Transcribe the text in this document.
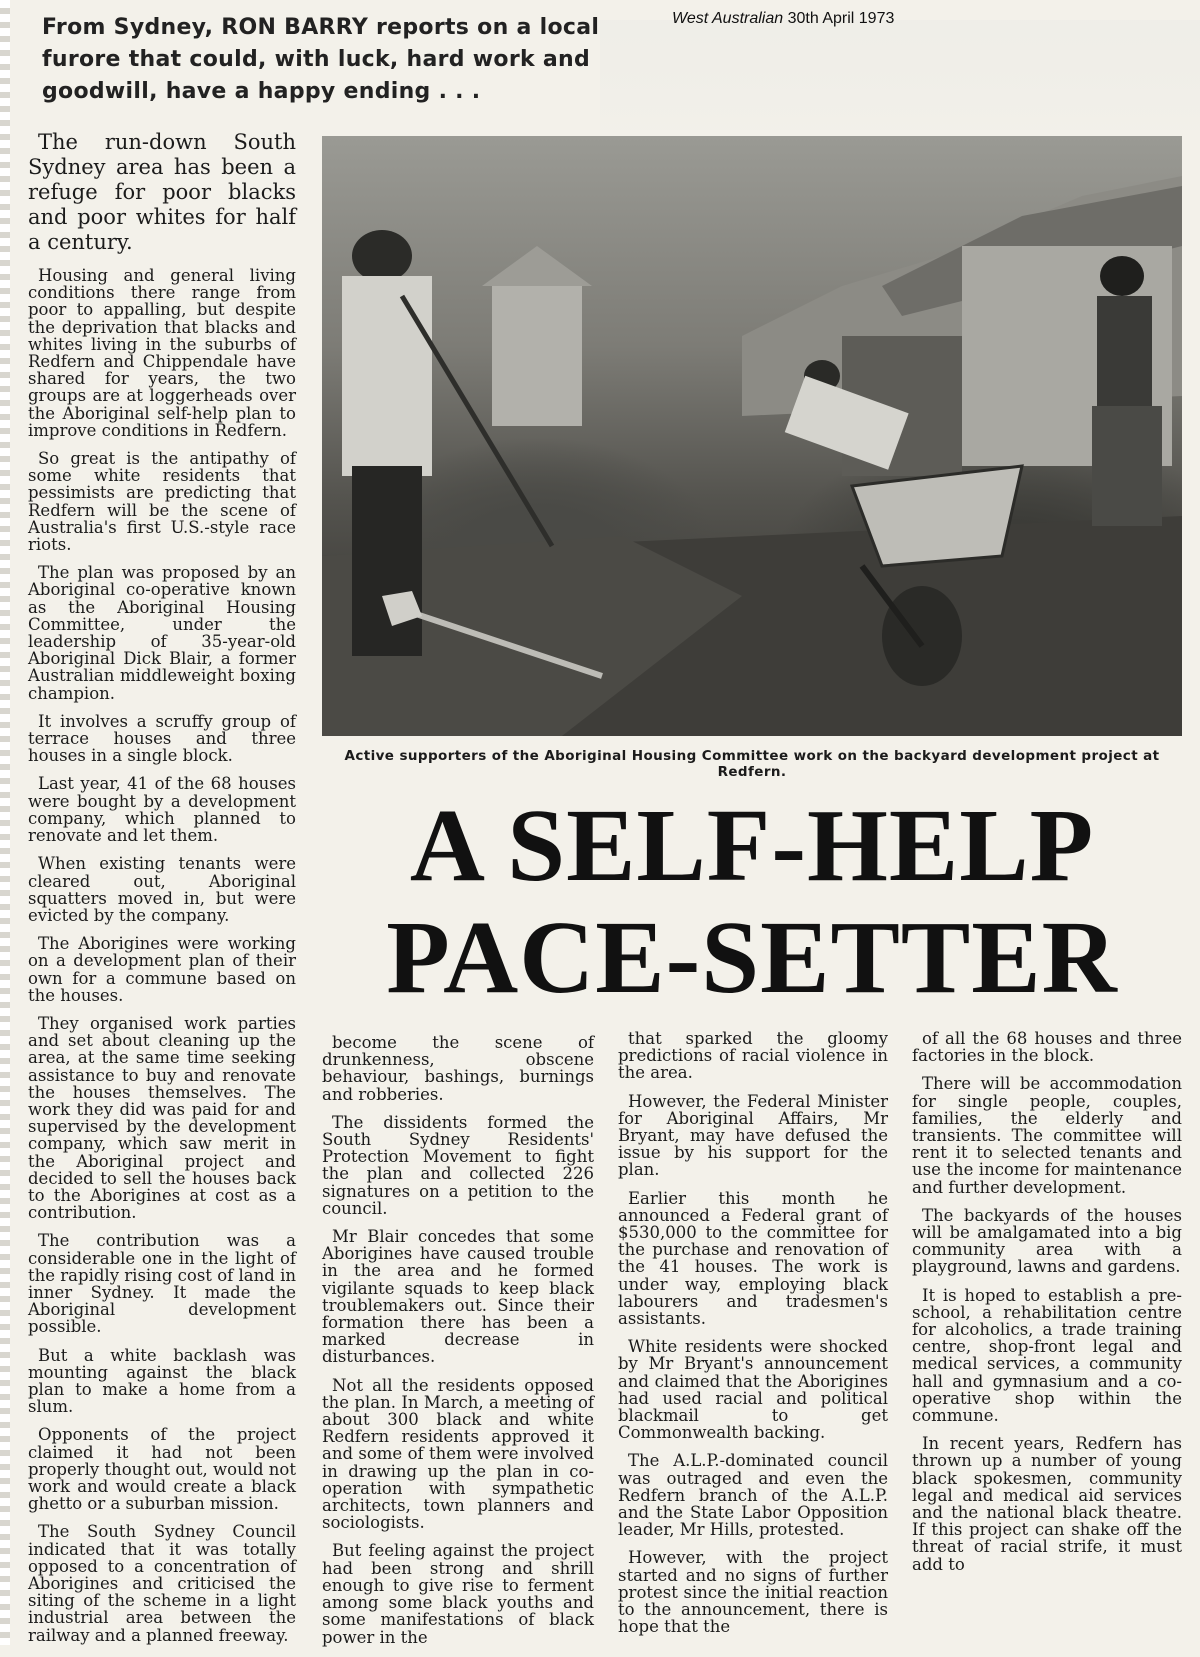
From Sydney, RON BARRY reports on a local furore that could, with luck, hard work and goodwill, have a happy ending . . .
West Australian 30th April 1973

The run-down South Sydney area has been a refuge for poor blacks and poor whites for half a century.

Housing and general living conditions there range from poor to appalling, but despite the deprivation that blacks and whites living in the suburbs of Redfern and Chippendale have shared for years, the two groups are at loggerheads over the Aboriginal self-help plan to improve conditions in Redfern.

So great is the antipathy of some white residents that pessimists are predicting that Redfern will be the scene of Australia's first U.S.-style race riots.

The plan was proposed by an Aboriginal co-operative known as the Aboriginal Housing Committee, under the leadership of 35-year-old Aboriginal Dick Blair, a former Australian middleweight boxing champion.

It involves a scruffy group of terrace houses and three houses in a single block.

Last year, 41 of the 68 houses were bought by a development company, which planned to renovate and let them.

When existing tenants were cleared out, Aboriginal squatters moved in, but were evicted by the company.

The Aborigines were working on a development plan of their own for a commune based on the houses.

They organised work parties and set about cleaning up the area, at the same time seeking assistance to buy and renovate the houses themselves. The work they did was paid for and supervised by the development company, which saw merit in the Aboriginal project and decided to sell the houses back to the Aborigines at cost as a contribution.

The contribution was a considerable one in the light of the rapidly rising cost of land in inner Sydney. It made the Aboriginal development possible.

But a white backlash was mounting against the black plan to make a home from a slum.

Opponents of the project claimed it had not been properly thought out, would not work and would create a black ghetto or a suburban mission.

The South Sydney Council indicated that it was totally opposed to a concentration of Aborigines and criticised the siting of the scheme in a light industrial area between the railway and a planned freeway.

Active supporters of the Aboriginal Housing Committee work on the backyard development project at Redfern.
A SELF-HELP
PACE-SETTER

become the scene of drunkenness, obscene behaviour, bashings, burnings and robberies.

The dissidents formed the South Sydney Residents' Protection Movement to fight the plan and collected 226 signatures on a petition to the council.

Mr Blair concedes that some Aborigines have caused trouble in the area and he formed vigilante squads to keep black troublemakers out. Since their formation there has been a marked decrease in disturbances.

Not all the residents opposed the plan. In March, a meeting of about 300 black and white Redfern residents approved it and some of them were involved in drawing up the plan in co-operation with sympathetic architects, town planners and sociologists.

But feeling against the project had been strong and shrill enough to give rise to ferment among some black youths and some manifestations of black power in the

that sparked the gloomy predictions of racial violence in the area.

However, the Federal Minister for Aboriginal Affairs, Mr Bryant, may have defused the issue by his support for the plan.

Earlier this month he announced a Federal grant of $530,000 to the committee for the purchase and renovation of the 41 houses. The work is under way, employing black labourers and tradesmen's assistants.

White residents were shocked by Mr Bryant's announcement and claimed that the Aborigines had used racial and political blackmail to get Commonwealth backing.

The A.L.P.-dominated council was outraged and even the Redfern branch of the A.L.P. and the State Labor Opposition leader, Mr Hills, protested.

However, with the project started and no signs of further protest since the initial reaction to the announcement, there is hope that the

of all the 68 houses and three factories in the block.

There will be accommodation for single people, couples, families, the elderly and transients. The committee will rent it to selected tenants and use the income for maintenance and further development.

The backyards of the houses will be amalgamated into a big community area with a playground, lawns and gardens.

It is hoped to establish a pre-school, a rehabilitation centre for alcoholics, a trade training centre, shop-front legal and medical services, a community hall and gymnasium and a co-operative shop within the commune.

In recent years, Redfern has thrown up a number of young black spokesmen, community legal and medical aid services and the national black theatre. If this project can shake off the threat of racial strife, it must add to
